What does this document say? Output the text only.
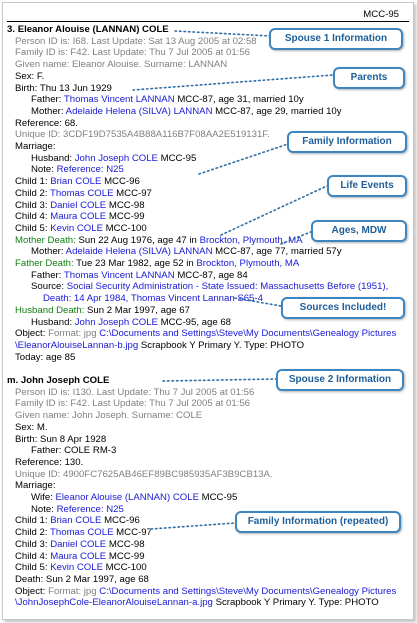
MCC-95
3. Eleanor Alouise (LANNAN) COLE
Person ID is: I68. Last Update: Sat 13 Aug 2005 at 02:58
Family ID is: F42. Last Update: Thu 7 Jul 2005 at 01:56
Given name: Eleanor Alouise. Surname: LANNAN
Sex: F.
Birth: Thu 13 Jun 1929
Father: Thomas Vincent LANNAN MCC-87, age 31, married 10y
Mother: Adelaide Helena (SILVA) LANNAN MCC-87, age 29, married 10y
Reference: 68.
Unique ID: 3CDF19D7535A4B88A116B7F08AA2E519131F.
Marriage:
Husband: John Joseph COLE MCC-95
Note: Reference: N25
Child 1: Brian COLE MCC-96
Child 2: Thomas COLE MCC-97
Child 3: Daniel COLE MCC-98
Child 4: Maura COLE MCC-99
Child 5: Kevin COLE MCC-100
Mother Death: Sun 22 Aug 1976, age 47 in Brockton, Plymouth, MA
Mother: Adelaide Helena (SILVA) LANNAN MCC-87, age 77, married 57y
Father Death: Tue 23 Mar 1982, age 52 in Brockton, Plymouth, MA
Father: Thomas Vincent LANNAN MCC-87, age 84
Source: Social Security Administration - State Issued: Massachusetts Before (1951),
Death: 14 Apr 1984, Thomas Vincent Lannan S65-4
Husband Death: Sun 2 Mar 1997, age 67
Husband: John Joseph COLE MCC-95, age 68
Object: Format: jpg C:\Documents and Settings\Steve\My Documents\Genealogy Pictures
\EleanorAlouiseLannan-b.jpg Scrapbook Y Primary Y. Type: PHOTO
Today: age 85
m. John Joseph COLE
Person ID is: I130. Last Update: Thu 7 Jul 2005 at 01:56
Family ID is: F42. Last Update: Thu 7 Jul 2005 at 01:56
Given name: John Joseph. Surname: COLE
Sex: M.
Birth: Sun 8 Apr 1928
Father: COLE RM-3
Reference: 130.
Unique ID: 4900FC7625AB46EF89BC985935AF3B9CB13A.
Marriage:
Wife: Eleanor Alouise (LANNAN) COLE MCC-95
Note: Reference: N25
Child 1: Brian COLE MCC-96
Child 2: Thomas COLE MCC-97
Child 3: Daniel COLE MCC-98
Child 4: Maura COLE MCC-99
Child 5: Kevin COLE MCC-100
Death: Sun 2 Mar 1997, age 68
Object: Format: jpg C:\Documents and Settings\Steve\My Documents\Genealogy Pictures
\JohnJosephCole-EleanorAlouiseLannan-a.jpg Scrapbook Y Primary Y. Type: PHOTO
Spouse 1 Information
Parents
Family Information
Life Events
Ages, MDW
Sources Included!
Spouse 2 Information
Family Information (repeated)
